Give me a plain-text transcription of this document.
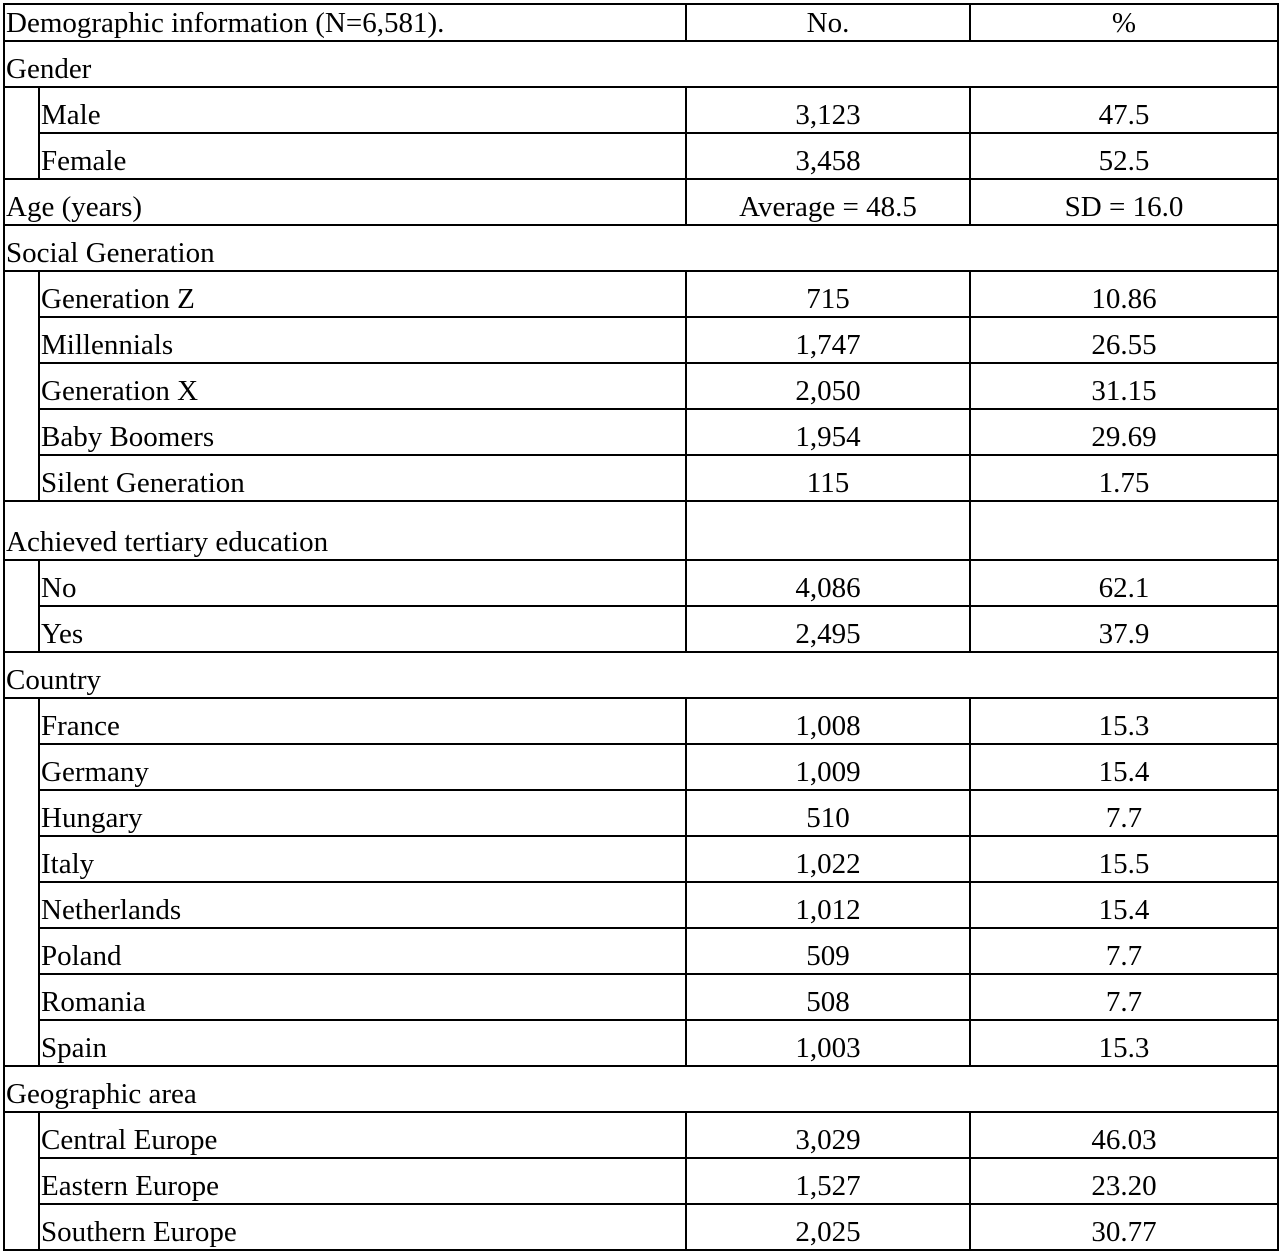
Demographic information (N=6,581).		No.	%
Gender			
	Male	3,123	47.5
	Female	3,458	52.5
Age (years)		Average = 48.5	SD = 16.0
Social Generation			
	Generation Z	715	10.86
	Millennials	1,747	26.55
	Generation X	2,050	31.15
	Baby Boomers	1,954	29.69
	Silent Generation	115	1.75
Achieved tertiary education			
	No	4,086	62.1
	Yes	2,495	37.9
Country			
	France	1,008	15.3
	Germany	1,009	15.4
	Hungary	510	7.7
	Italy	1,022	15.5
	Netherlands	1,012	15.4
	Poland	509	7.7
	Romania	508	7.7
	Spain	1,003	15.3
Geographic area			
	Central Europe	3,029	46.03
	Eastern Europe	1,527	23.20
	Southern Europe	2,025	30.77
